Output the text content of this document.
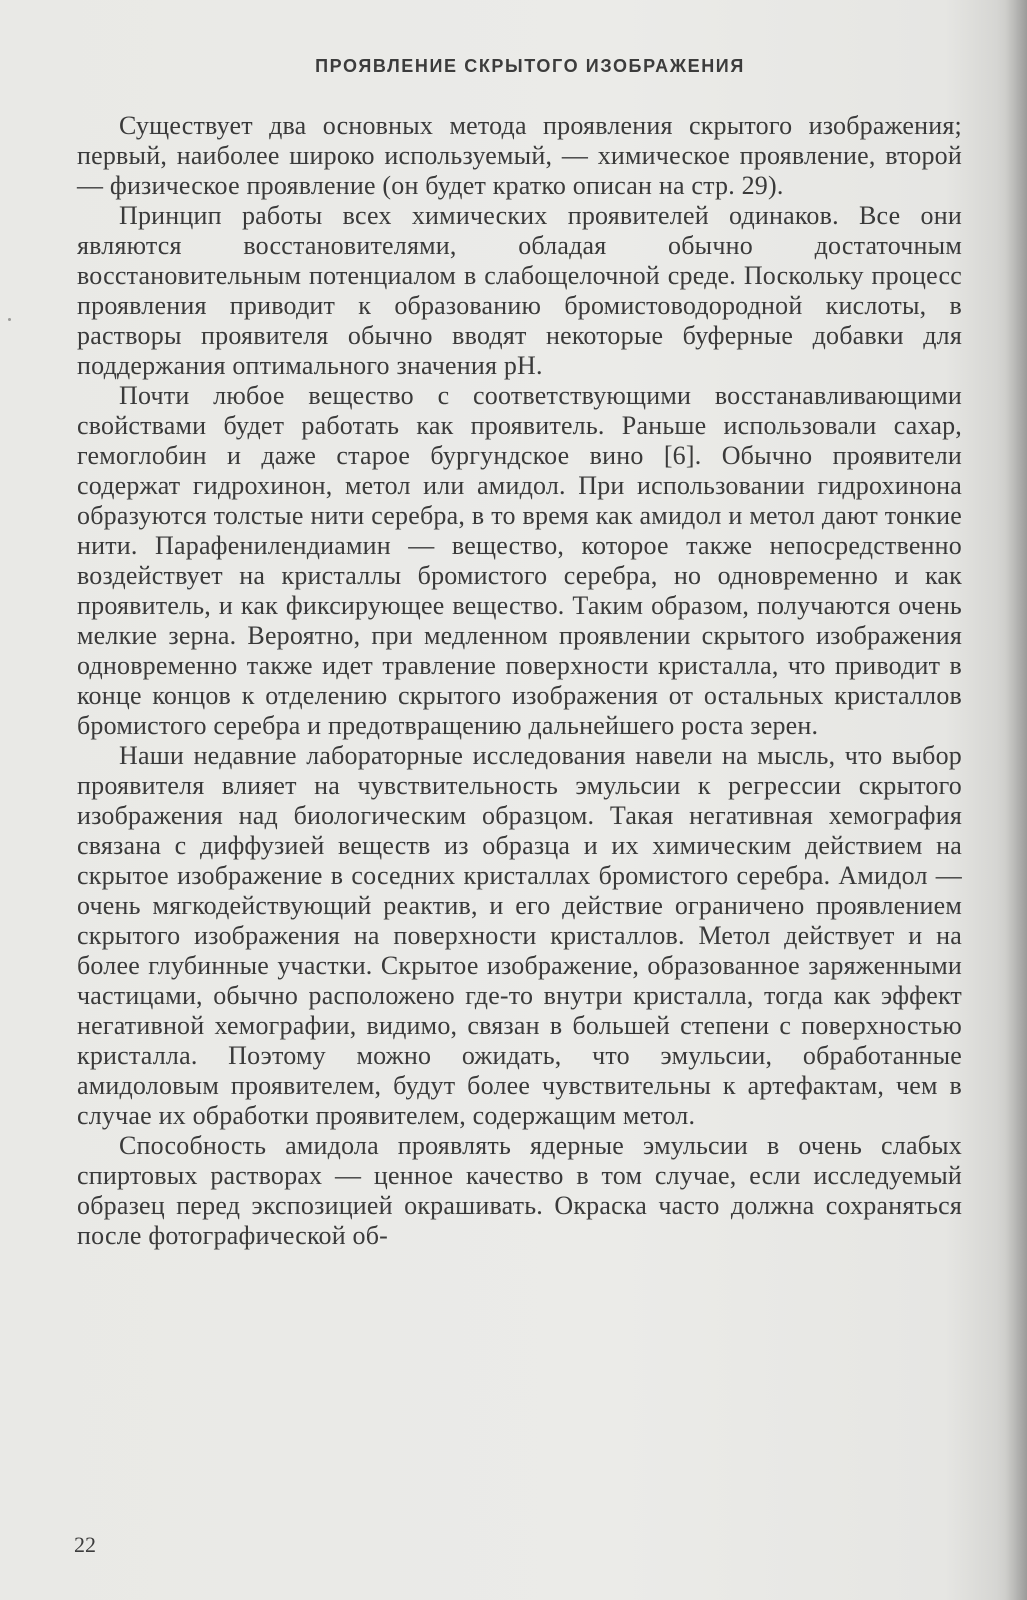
ПРОЯВЛЕНИЕ СКРЫТОГО ИЗОБРАЖЕНИЯ

Существует два основных метода проявления скрытого изображения; первый, наиболее широко используемый, — химическое проявление, второй — физическое проявление (он будет кратко описан на стр. 29).

Принцип работы всех химических проявителей одинаков. Все они являются восстановителями, обладая обычно достаточным восстановительным потенциалом в слабощелочной среде. Поскольку процесс проявления приводит к образованию бромистоводородной кислоты, в растворы проявителя обычно вводят некоторые буферные добавки для поддержания оптимального значения pH.

Почти любое вещество с соответствующими восстанавливающими свойствами будет работать как проявитель. Раньше использовали сахар, гемоглобин и даже старое бургундское вино [6]. Обычно проявители содержат гидрохинон, метол или амидол. При использовании гидрохинона образуются толстые нити серебра, в то время как амидол и метол дают тонкие нити. Парафенилендиамин — вещество, которое также непосредственно воздействует на кристаллы бромистого серебра, но одновременно и как проявитель, и как фиксирующее вещество. Таким образом, получаются очень мелкие зерна. Вероятно, при медленном проявлении скрытого изображения одновременно также идет травление поверхности кристалла, что приводит в конце концов к отделению скрытого изображения от остальных кристаллов бромистого серебра и предотвращению дальнейшего роста зерен.

Наши недавние лабораторные исследования навели на мысль, что выбор проявителя влияет на чувствительность эмульсии к регрессии скрытого изображения над биологическим образцом. Такая негативная хемография связана с диффузией веществ из образца и их химическим действием на скрытое изображение в соседних кристаллах бромистого серебра. Амидол — очень мягкодействующий реактив, и его действие ограничено проявлением скрытого изображения на поверхности кристаллов. Метол действует и на более глубинные участки. Скрытое изображение, образованное заряженными частицами, обычно расположено где-то внутри кристалла, тогда как эффект негативной хемографии, видимо, связан в большей степени с поверхностью кристалла. Поэтому можно ожидать, что эмульсии, обработанные амидоловым проявителем, будут более чувствительны к артефактам, чем в случае их обработки проявителем, содержащим метол.

Способность амидола проявлять ядерные эмульсии в очень слабых спиртовых растворах — ценное качество в том случае, если исследуемый образец перед экспозицией окрашивать. Окраска часто должна сохраняться после фотографической об-

22
